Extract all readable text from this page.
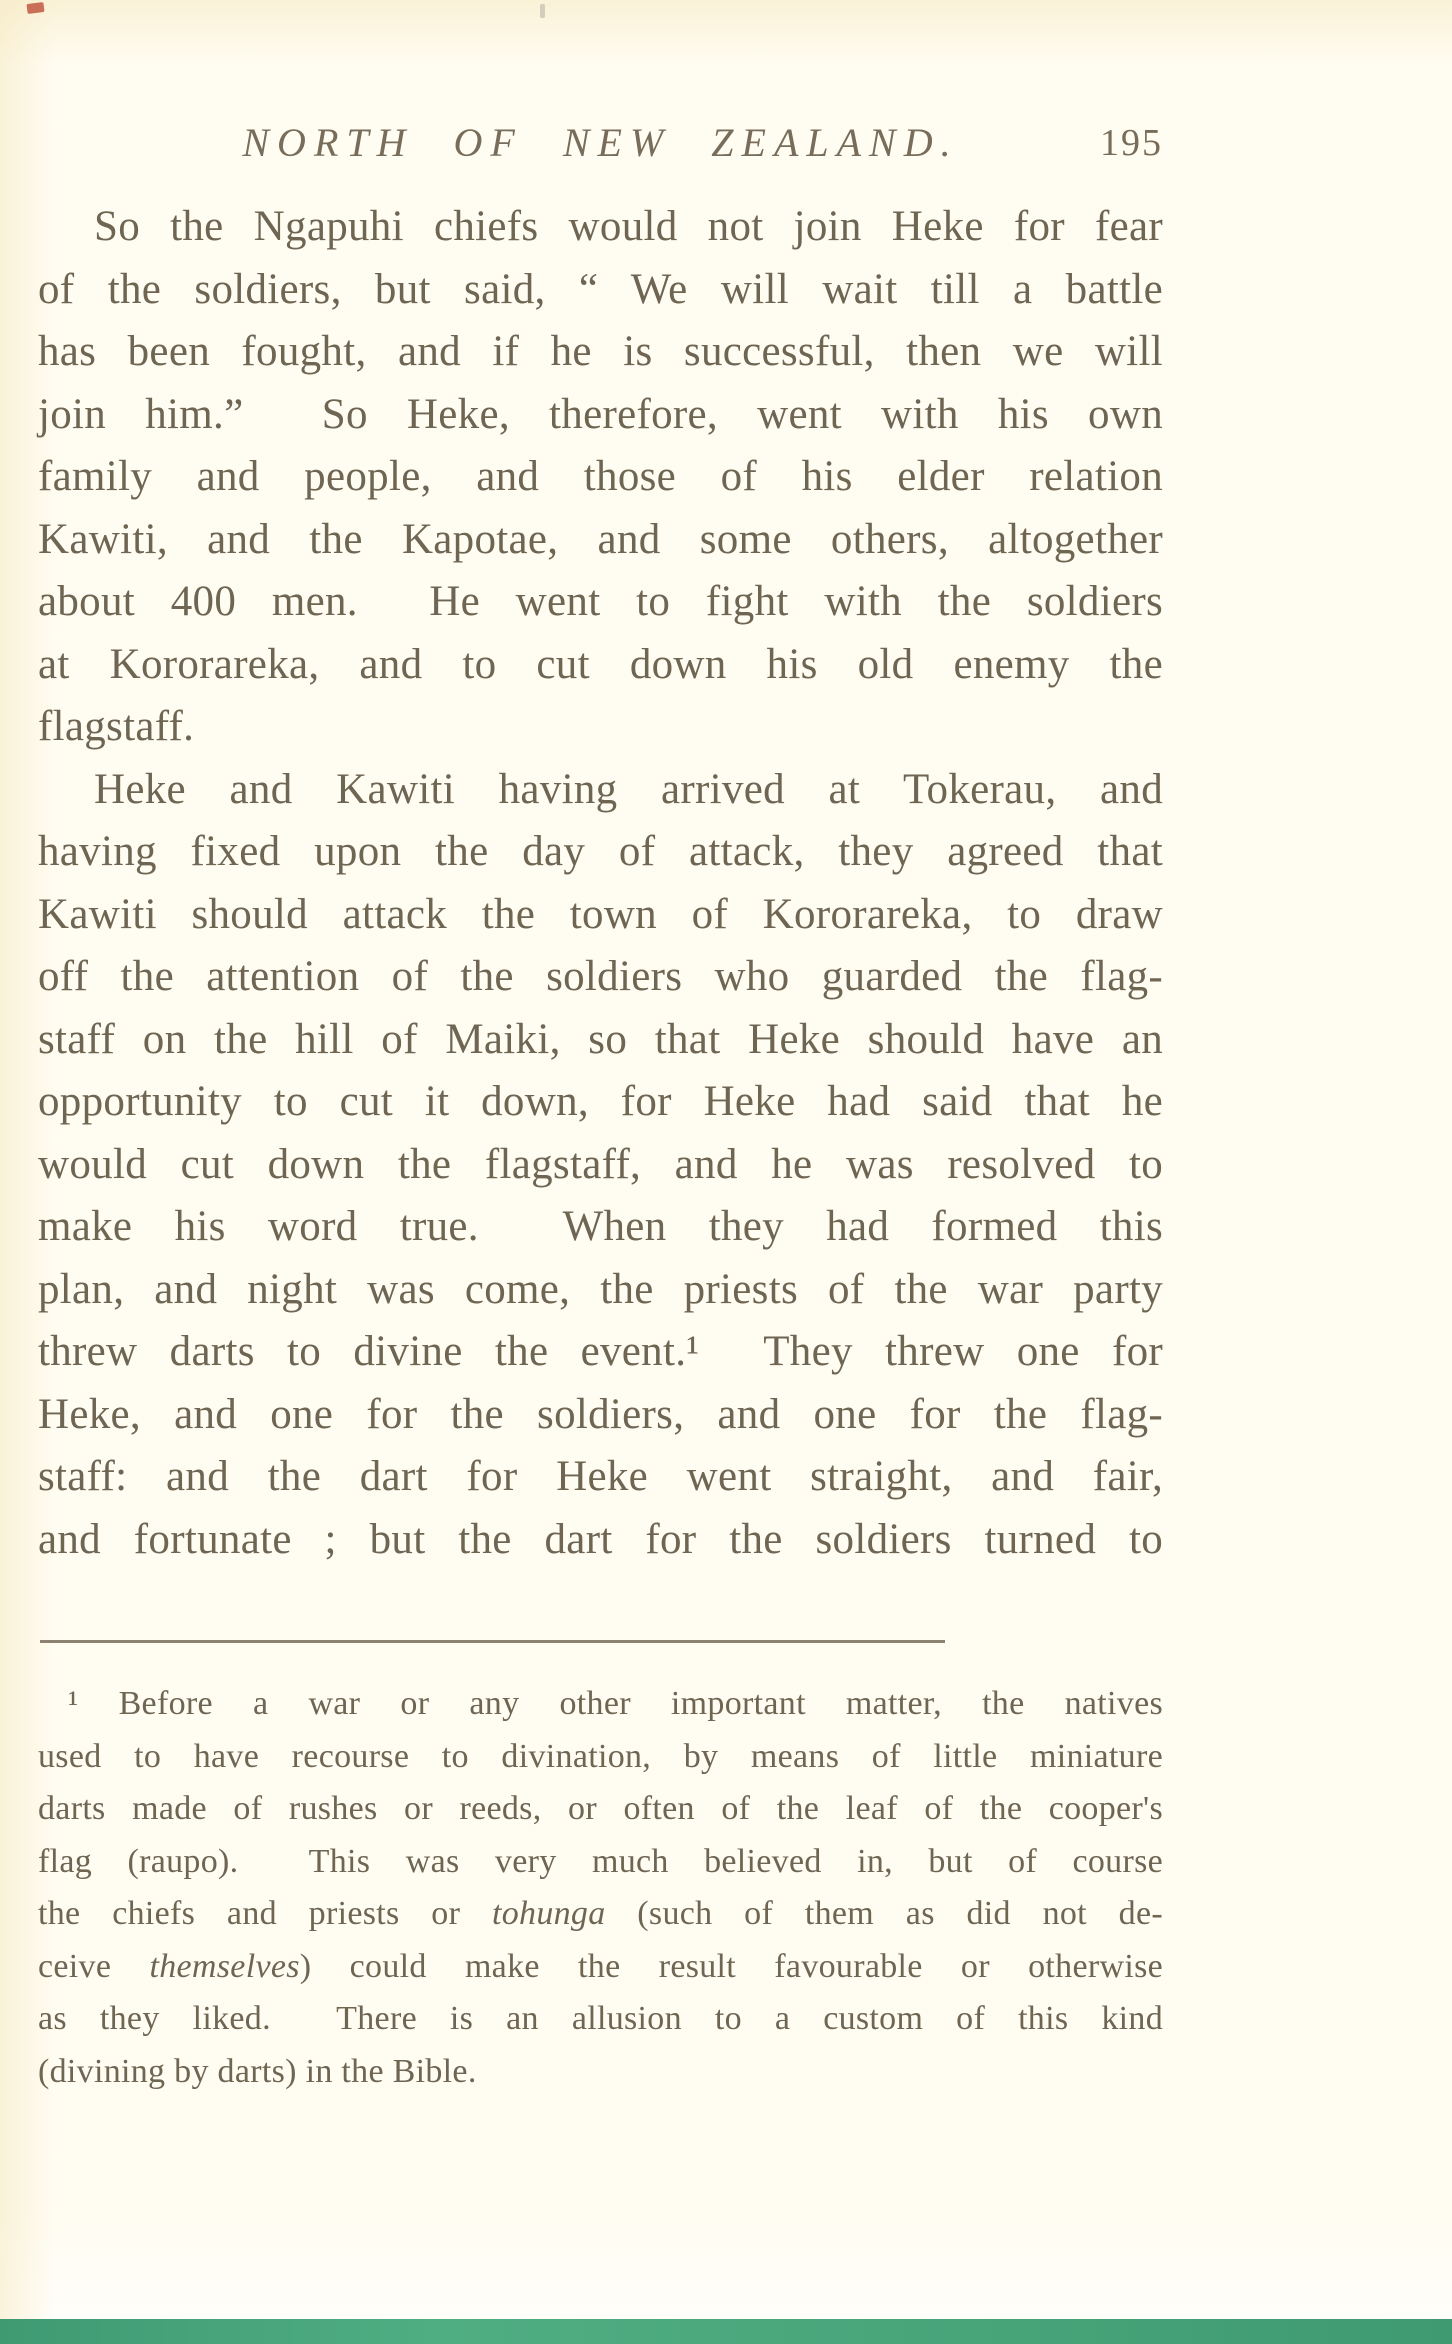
NORTH OF NEW ZEALAND.	195
So the Ngapuhi chiefs would not join Heke for fear
of the soldiers, but said, “ We will wait till a battle
has been fought, and if he is successful, then we will
join him.”  So Heke, therefore, went with his own
family and people, and those of his elder relation
Kawiti, and the Kapotae, and some others, altogether
about 400 men.  He went to fight with the soldiers
at Kororareka, and to cut down his old enemy the
flagstaff.
Heke and Kawiti having arrived at Tokerau, and
having fixed upon the day of attack, they agreed that
Kawiti should attack the town of Kororareka, to draw
off the attention of the soldiers who guarded the flag-
staff on the hill of Maiki, so that Heke should have an
opportunity to cut it down, for Heke had said that he
would cut down the flagstaff, and he was resolved to
make his word true.  When they had formed this
plan, and night was come, the priests of the war party
threw darts to divine the event.¹  They threw one for
Heke, and one for the soldiers, and one for the flag-
staff: and the dart for Heke went straight, and fair,
and fortunate ; but the dart for the soldiers turned to
¹ Before a war or any other important matter, the natives
used to have recourse to divination, by means of little miniature
darts made of rushes or reeds, or often of the leaf of the cooper's
flag (raupo).  This was very much believed in, but of course
the chiefs and priests or tohunga (such of them as did not de-
ceive themselves) could make the result favourable or otherwise
as they liked.  There is an allusion to a custom of this kind
(divining by darts) in the Bible.
